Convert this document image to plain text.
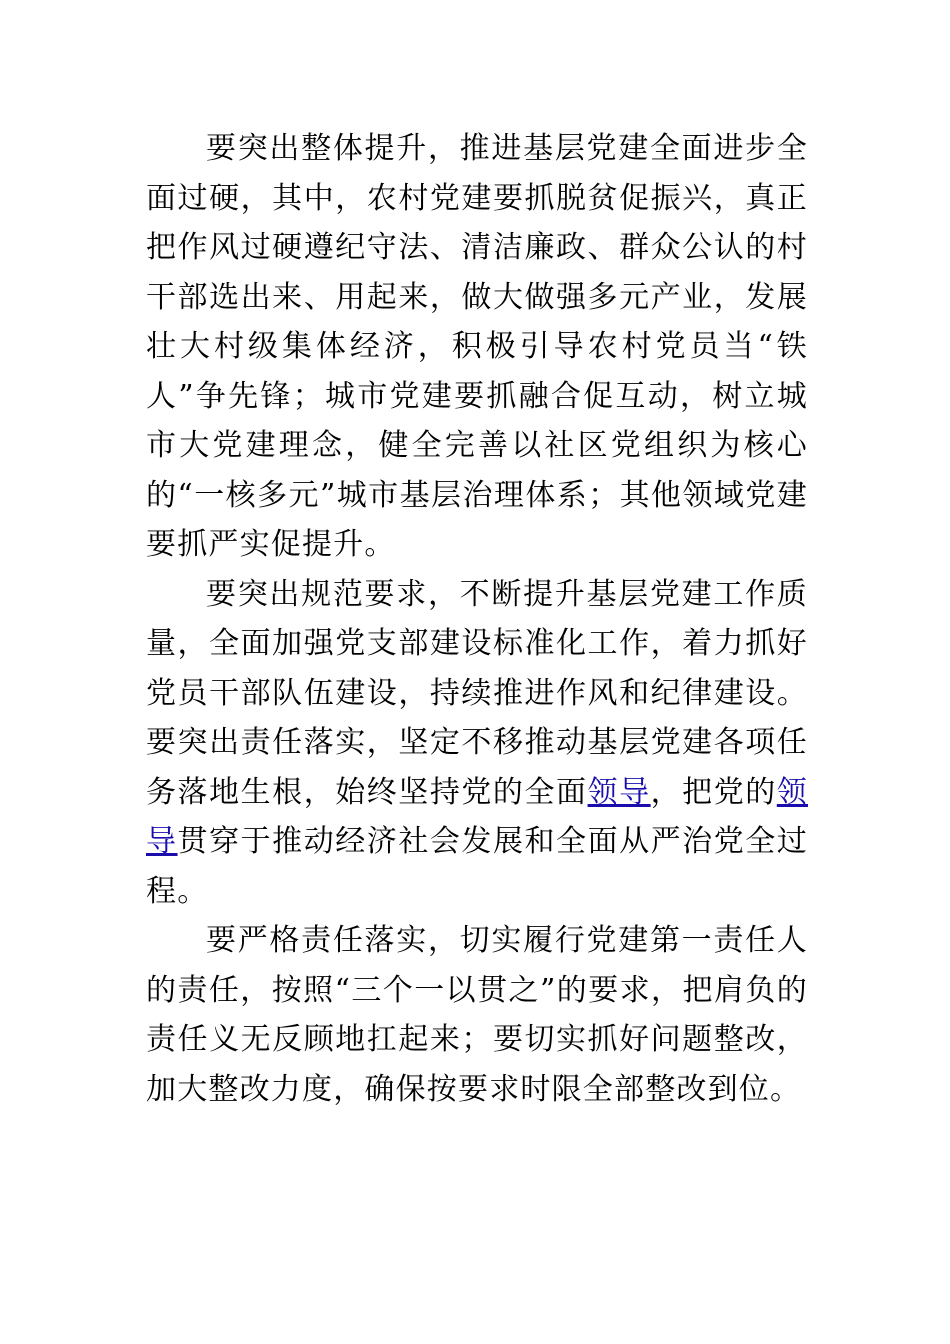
要突出整体提升，推进基层党建全面进步全面过硬，其中，农村党建要抓脱贫促振兴，真正把作风过硬遵纪守法、清洁廉政、群众公认的村干部选出来、用起来，做大做强多元产业，发展壮大村级集体经济，积极引导农村党员当“铁人”争先锋；城市党建要抓融合促互动，树立城市大党建理念，健全完善以社区党组织为核心的“一核多元”城市基层治理体系；其他领域党建要抓严实促提升。

要突出规范要求，不断提升基层党建工作质量，全面加强党支部建设标准化工作，着力抓好党员干部队伍建设，持续推进作风和纪律建设。要突出责任落实，坚定不移推动基层党建各项任务落地生根，始终坚持党的全面领导，把党的领导贯穿于推动经济社会发展和全面从严治党全过程。

要严格责任落实，切实履行党建第一责任人的责任，按照“三个一以贯之”的要求，把肩负的责任义无反顾地扛起来；要切实抓好问题整改，加大整改力度，确保按要求时限全部整改到位。
